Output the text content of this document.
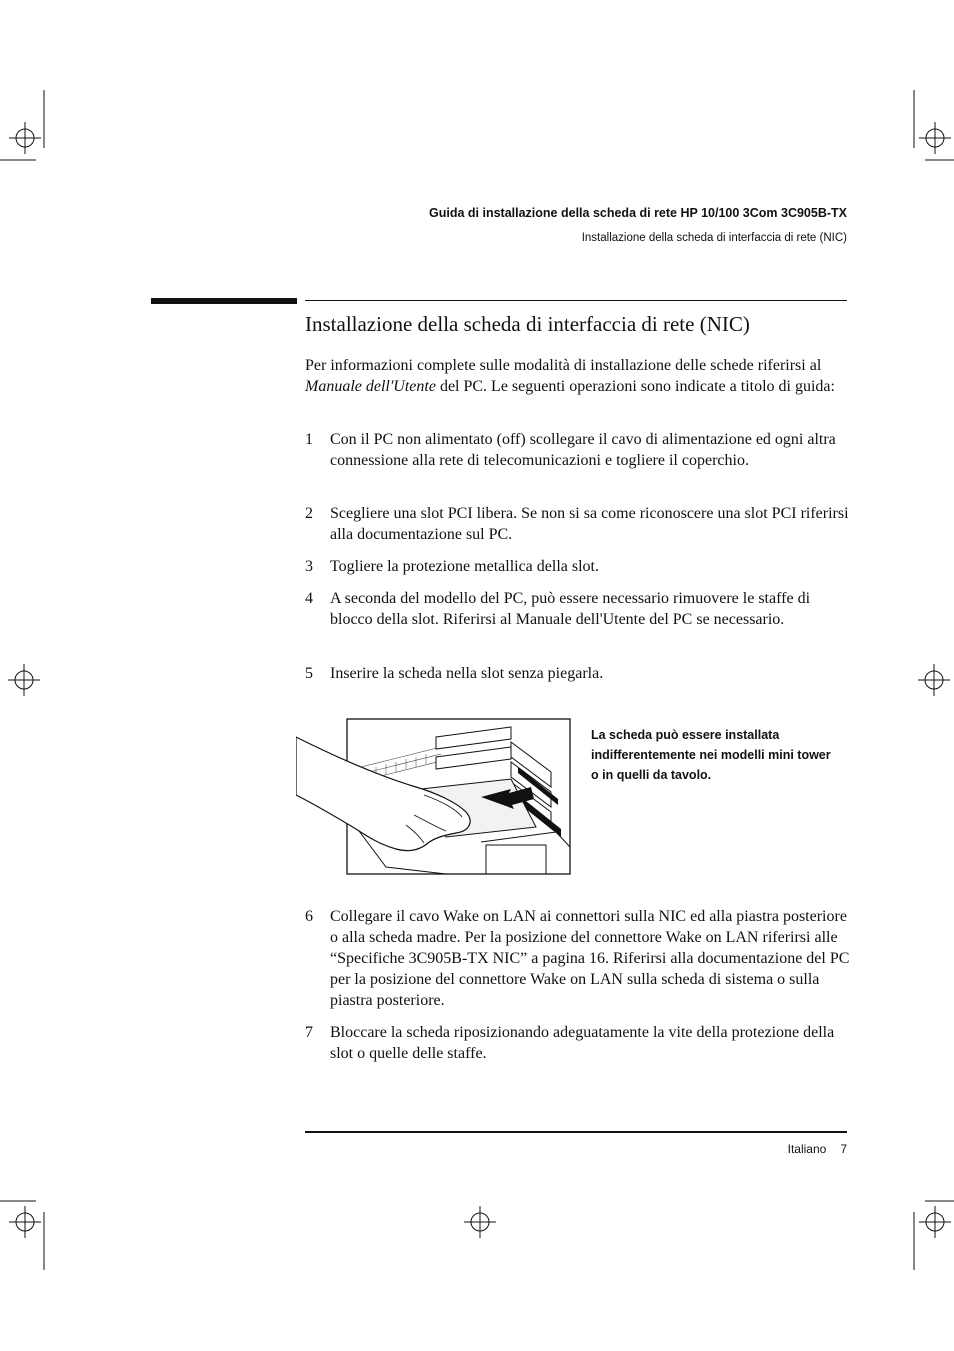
Guida di installazione della scheda di rete HP 10/100 3Com 3C905B-TX
Installazione della scheda di interfaccia di rete (NIC)
Installazione della scheda di interfaccia di rete (NIC)
Per informazioni complete sulle modalità di installazione delle schede riferirsi al Manuale dell'Utente del PC. Le seguenti operazioni sono indicate a titolo di guida:
1 Con il PC non alimentato (off) scollegare il cavo di alimentazione ed ogni altra connessione alla rete di telecomunicazioni e togliere il coperchio.
2 Scegliere una slot PCI libera. Se non si sa come riconoscere una slot PCI riferirsi alla documentazione sul PC.
3 Togliere la protezione metallica della slot.
4 A seconda del modello del PC, può essere necessario rimuovere le staffe di blocco della slot. Riferirsi al Manuale dell'Utente del PC se necessario.
5 Inserire la scheda nella slot senza piegarla.
La scheda può essere installata indifferentemente nei modelli mini tower o in quelli da tavolo.
6 Collegare il cavo Wake on LAN ai connettori sulla NIC ed alla piastra posteriore o alla scheda madre. Per la posizione del connettore Wake on LAN riferirsi alle “Specifiche 3C905B-TX NIC” a pagina 16. Riferirsi alla documentazione del PC per la posizione del connettore Wake on LAN sulla scheda di sistema o sulla piastra posteriore.
7 Bloccare la scheda riposizionando adeguatamente la vite della protezione della slot o quelle delle staffe.
Italiano 7
